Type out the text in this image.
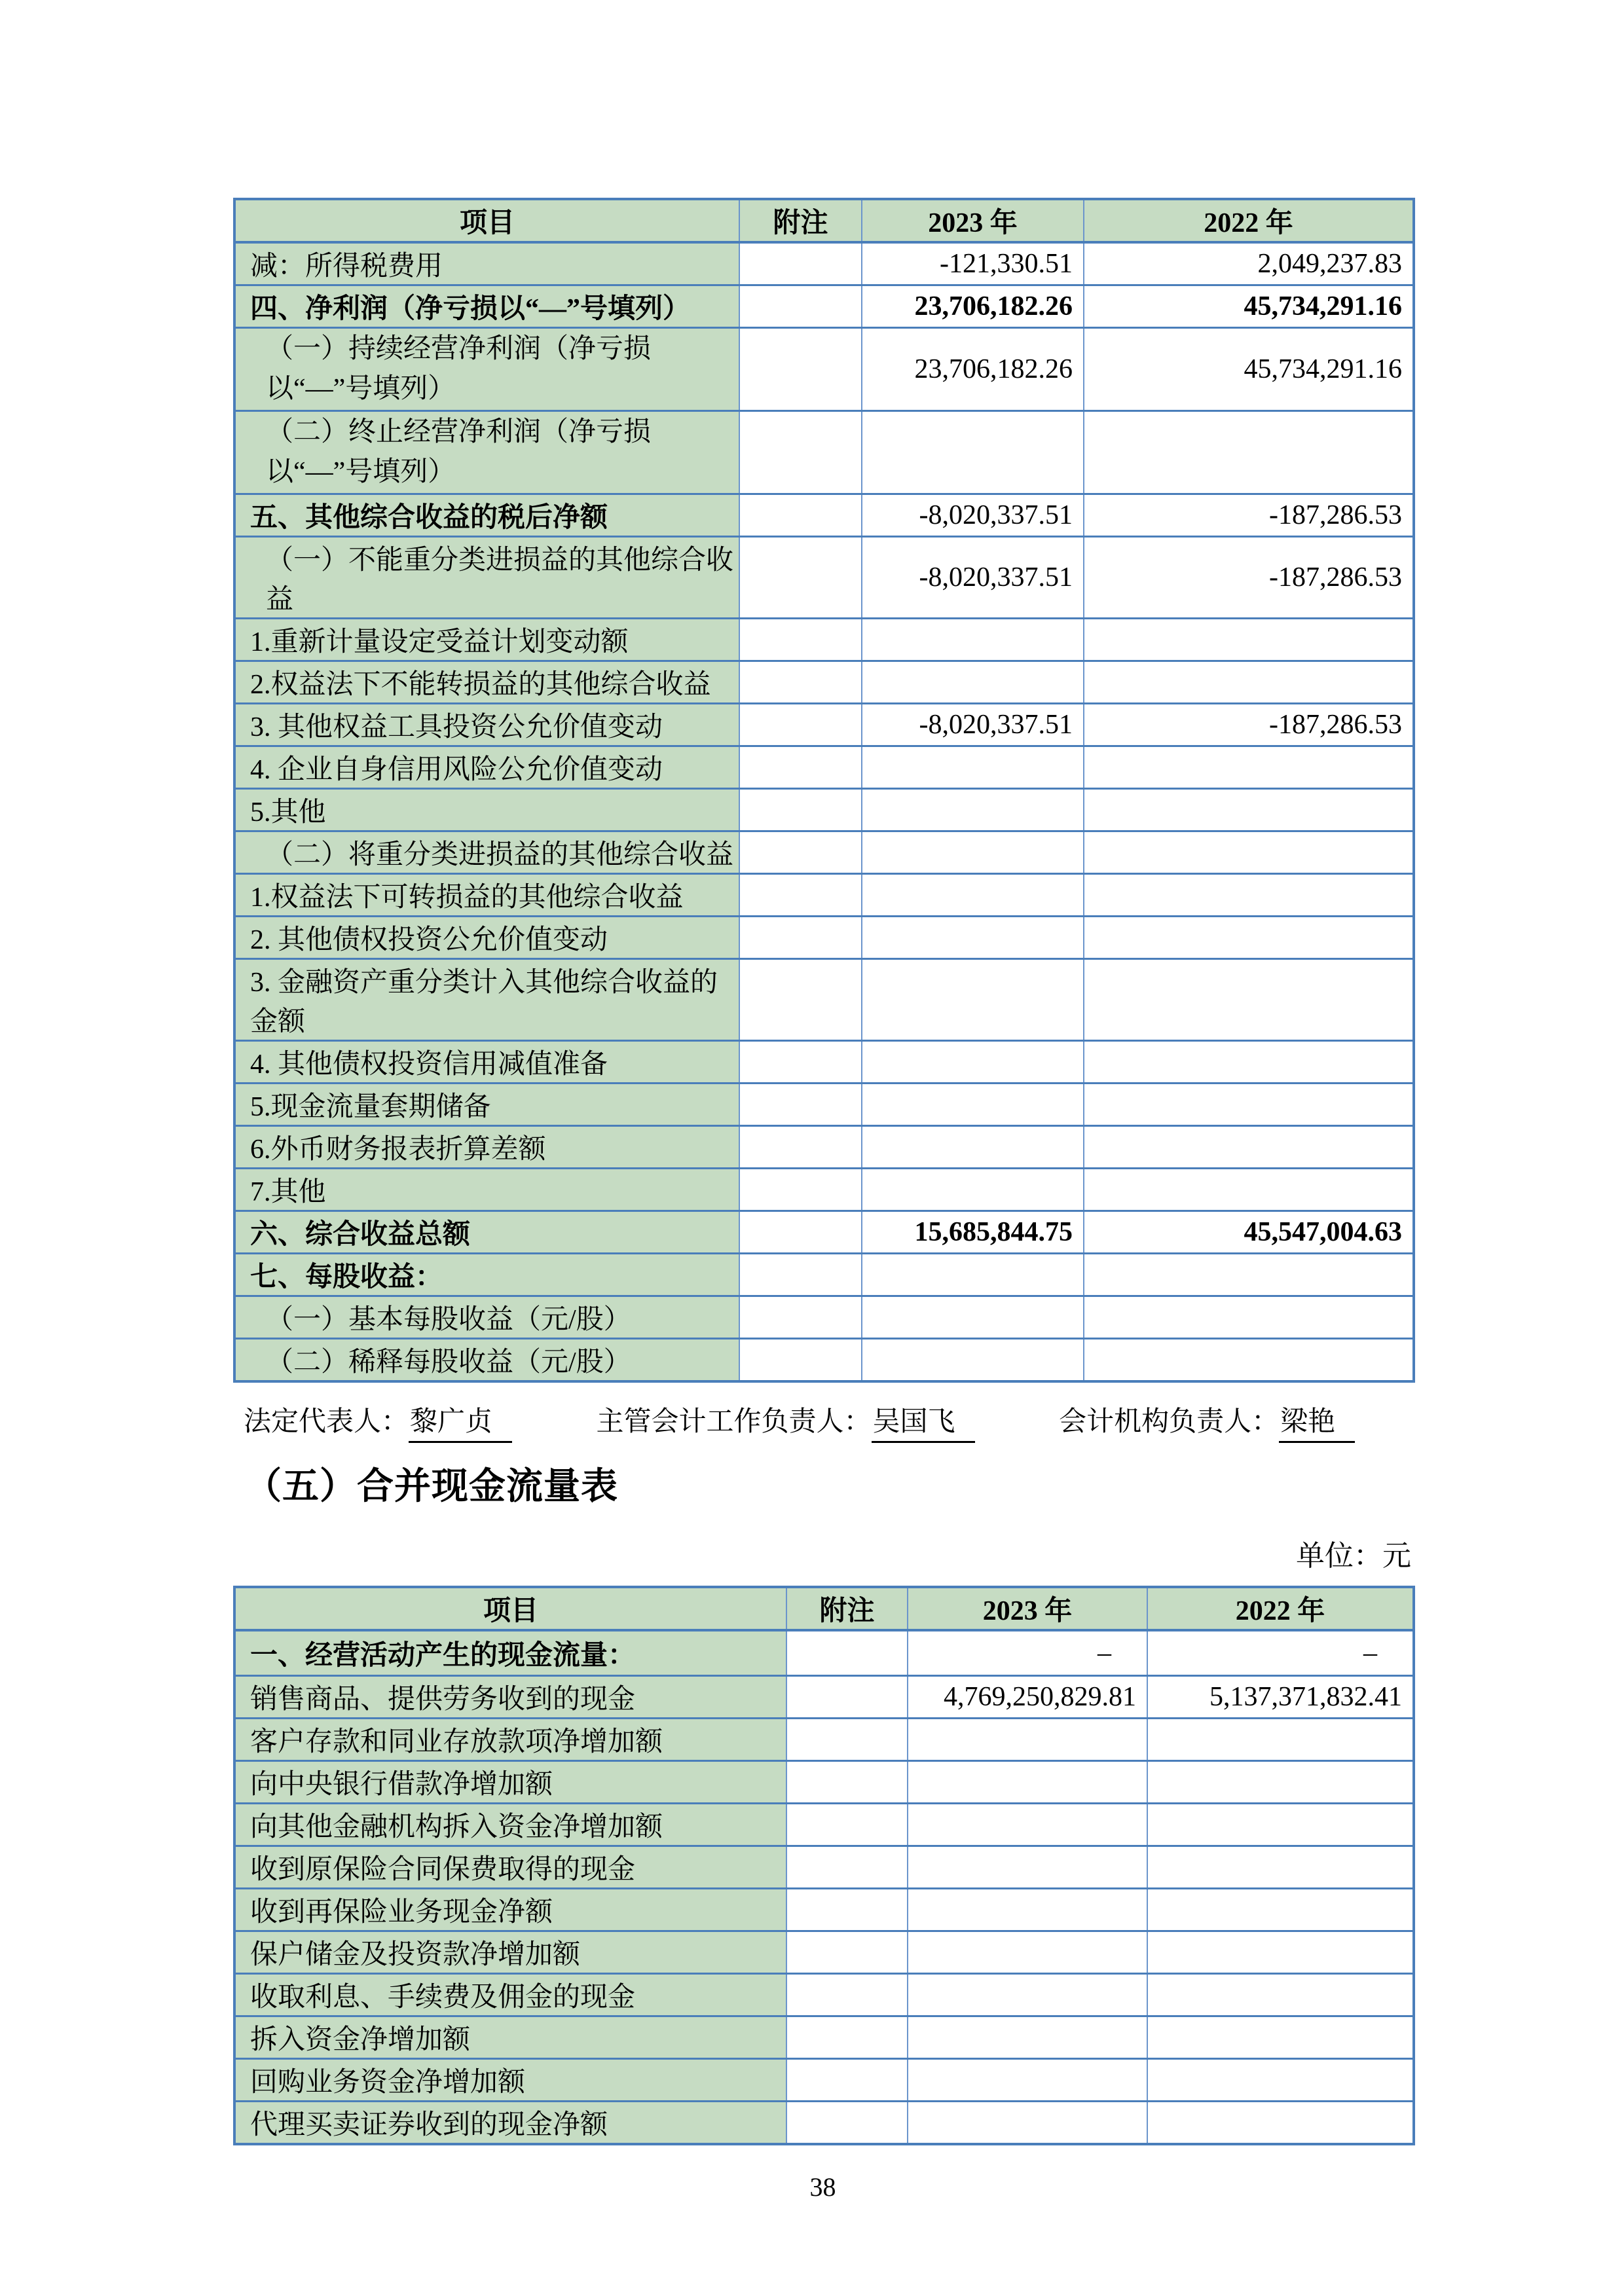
项目	附注	2023 年	2022 年
减：所得税费用		-121,330.51	2,049,237.83
四、净利润（净亏损以“—”号填列）		23,706,182.26	45,734,291.16
（一）持续经营净利润（净亏损以“—”号填列）		23,706,182.26	45,734,291.16
（二）终止经营净利润（净亏损以“—”号填列）			
五、其他综合收益的税后净额		-8,020,337.51	-187,286.53
（一）不能重分类进损益的其他综合收益		-8,020,337.51	-187,286.53
1.重新计量设定受益计划变动额			
2.权益法下不能转损益的其他综合收益			
3. 其他权益工具投资公允价值变动		-8,020,337.51	-187,286.53
4. 企业自身信用风险公允价值变动			
5.其他			
（二）将重分类进损益的其他综合收益			
1.权益法下可转损益的其他综合收益			
2. 其他债权投资公允价值变动			
3. 金融资产重分类计入其他综合收益的金额			
4. 其他债权投资信用减值准备			
5.现金流量套期储备			
6.外币财务报表折算差额			
7.其他			
六、综合收益总额		15,685,844.75	45,547,004.63
七、每股收益：			
（一）基本每股收益（元/股）			
（二）稀释每股收益（元/股）			
法定代表人：黎广贞	主管会计工作负责人：吴国飞	会计机构负责人：梁艳
（五）合并现金流量表
单位：元
项目	附注	2023 年	2022 年
一、经营活动产生的现金流量：		–	–
销售商品、提供劳务收到的现金		4,769,250,829.81	5,137,371,832.41
客户存款和同业存放款项净增加额			
向中央银行借款净增加额			
向其他金融机构拆入资金净增加额			
收到原保险合同保费取得的现金			
收到再保险业务现金净额			
保户储金及投资款净增加额			
收取利息、手续费及佣金的现金			
拆入资金净增加额			
回购业务资金净增加额			
代理买卖证券收到的现金净额			
38
